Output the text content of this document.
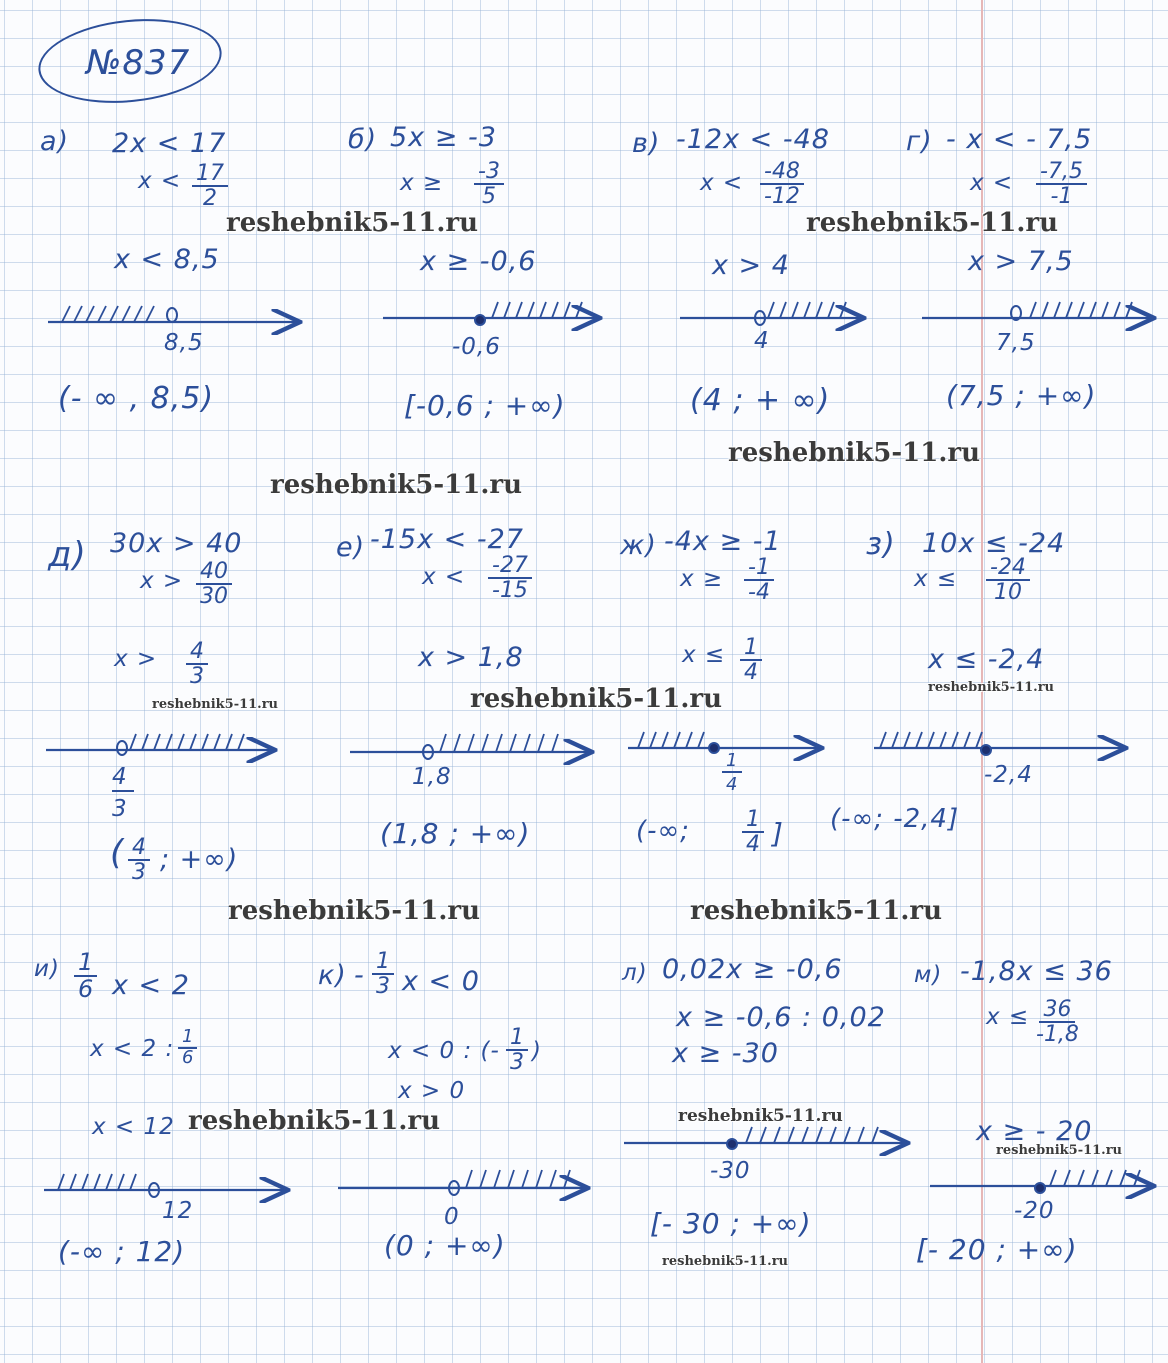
№837
а) 2x < 17
$x < \frac{17}{2}$
x < 8,5
8,5
(- ∞ , 8,5)
б) 5x ≥ -3
$x \ge \frac{-3}{5}$
x ≥ -0,6
-0,6
[-0,6 ; +∞)
в) -12x < -48
$x < \frac{-48}{-12}$
x > 4
4
(4 ; + ∞)
г) - x < - 7,5
$x < \frac{-7,5}{-1}$
x > 7,5
7,5
(7,5 ; +∞)
д) 30x > 40
$x > \frac{40}{30}$
$x > \frac{4}{3}$
4
3
( $\frac{4}{3}$ ; +∞)
е) -15x < -27
$x < \frac{-27}{-15}$
x > 1,8
1,8
(1,8 ; +∞)
ж) -4x ≥ -1
$x \ge \frac{-1}{-4}$
$x \le \frac{1}{4}$
1
4
(-∞; $\frac{1}{4}$ ]
з) 10x ≤ -24
$x \le \frac{-24}{10}$
x ≤ -2,4
-2,4
(-∞; -2,4]
$и) \frac{1}{6}$ x < 2
x < 2 : $\frac{1}{6}$
x < 12
12
(-∞ ; 12)
$к) - \frac{1}{3}$ x < 0
x < 0 : (- $\frac{1}{3}$ )
x > 0
0
(0 ; +∞)
л) 0,02x ≥ -0,6
x ≥ -0,6 : 0,02
x ≥ -30
-30
[- 30 ; +∞)
м) -1,8x ≤ 36
$x \le \frac{36}{-1,8}$
x ≥ - 20
-20
[- 20 ; +∞)
reshebnik5-11.ru	reshebnik5-11.ru
reshebnik5-11.ru
reshebnik5-11.ru
reshebnik5-11.ru	reshebnik5-11.ru	reshebnik5-11.ru
reshebnik5-11.ru	reshebnik5-11.ru
reshebnik5-11.ru	reshebnik5-11.ru
reshebnik5-11.ru
reshebnik5-11.ru
